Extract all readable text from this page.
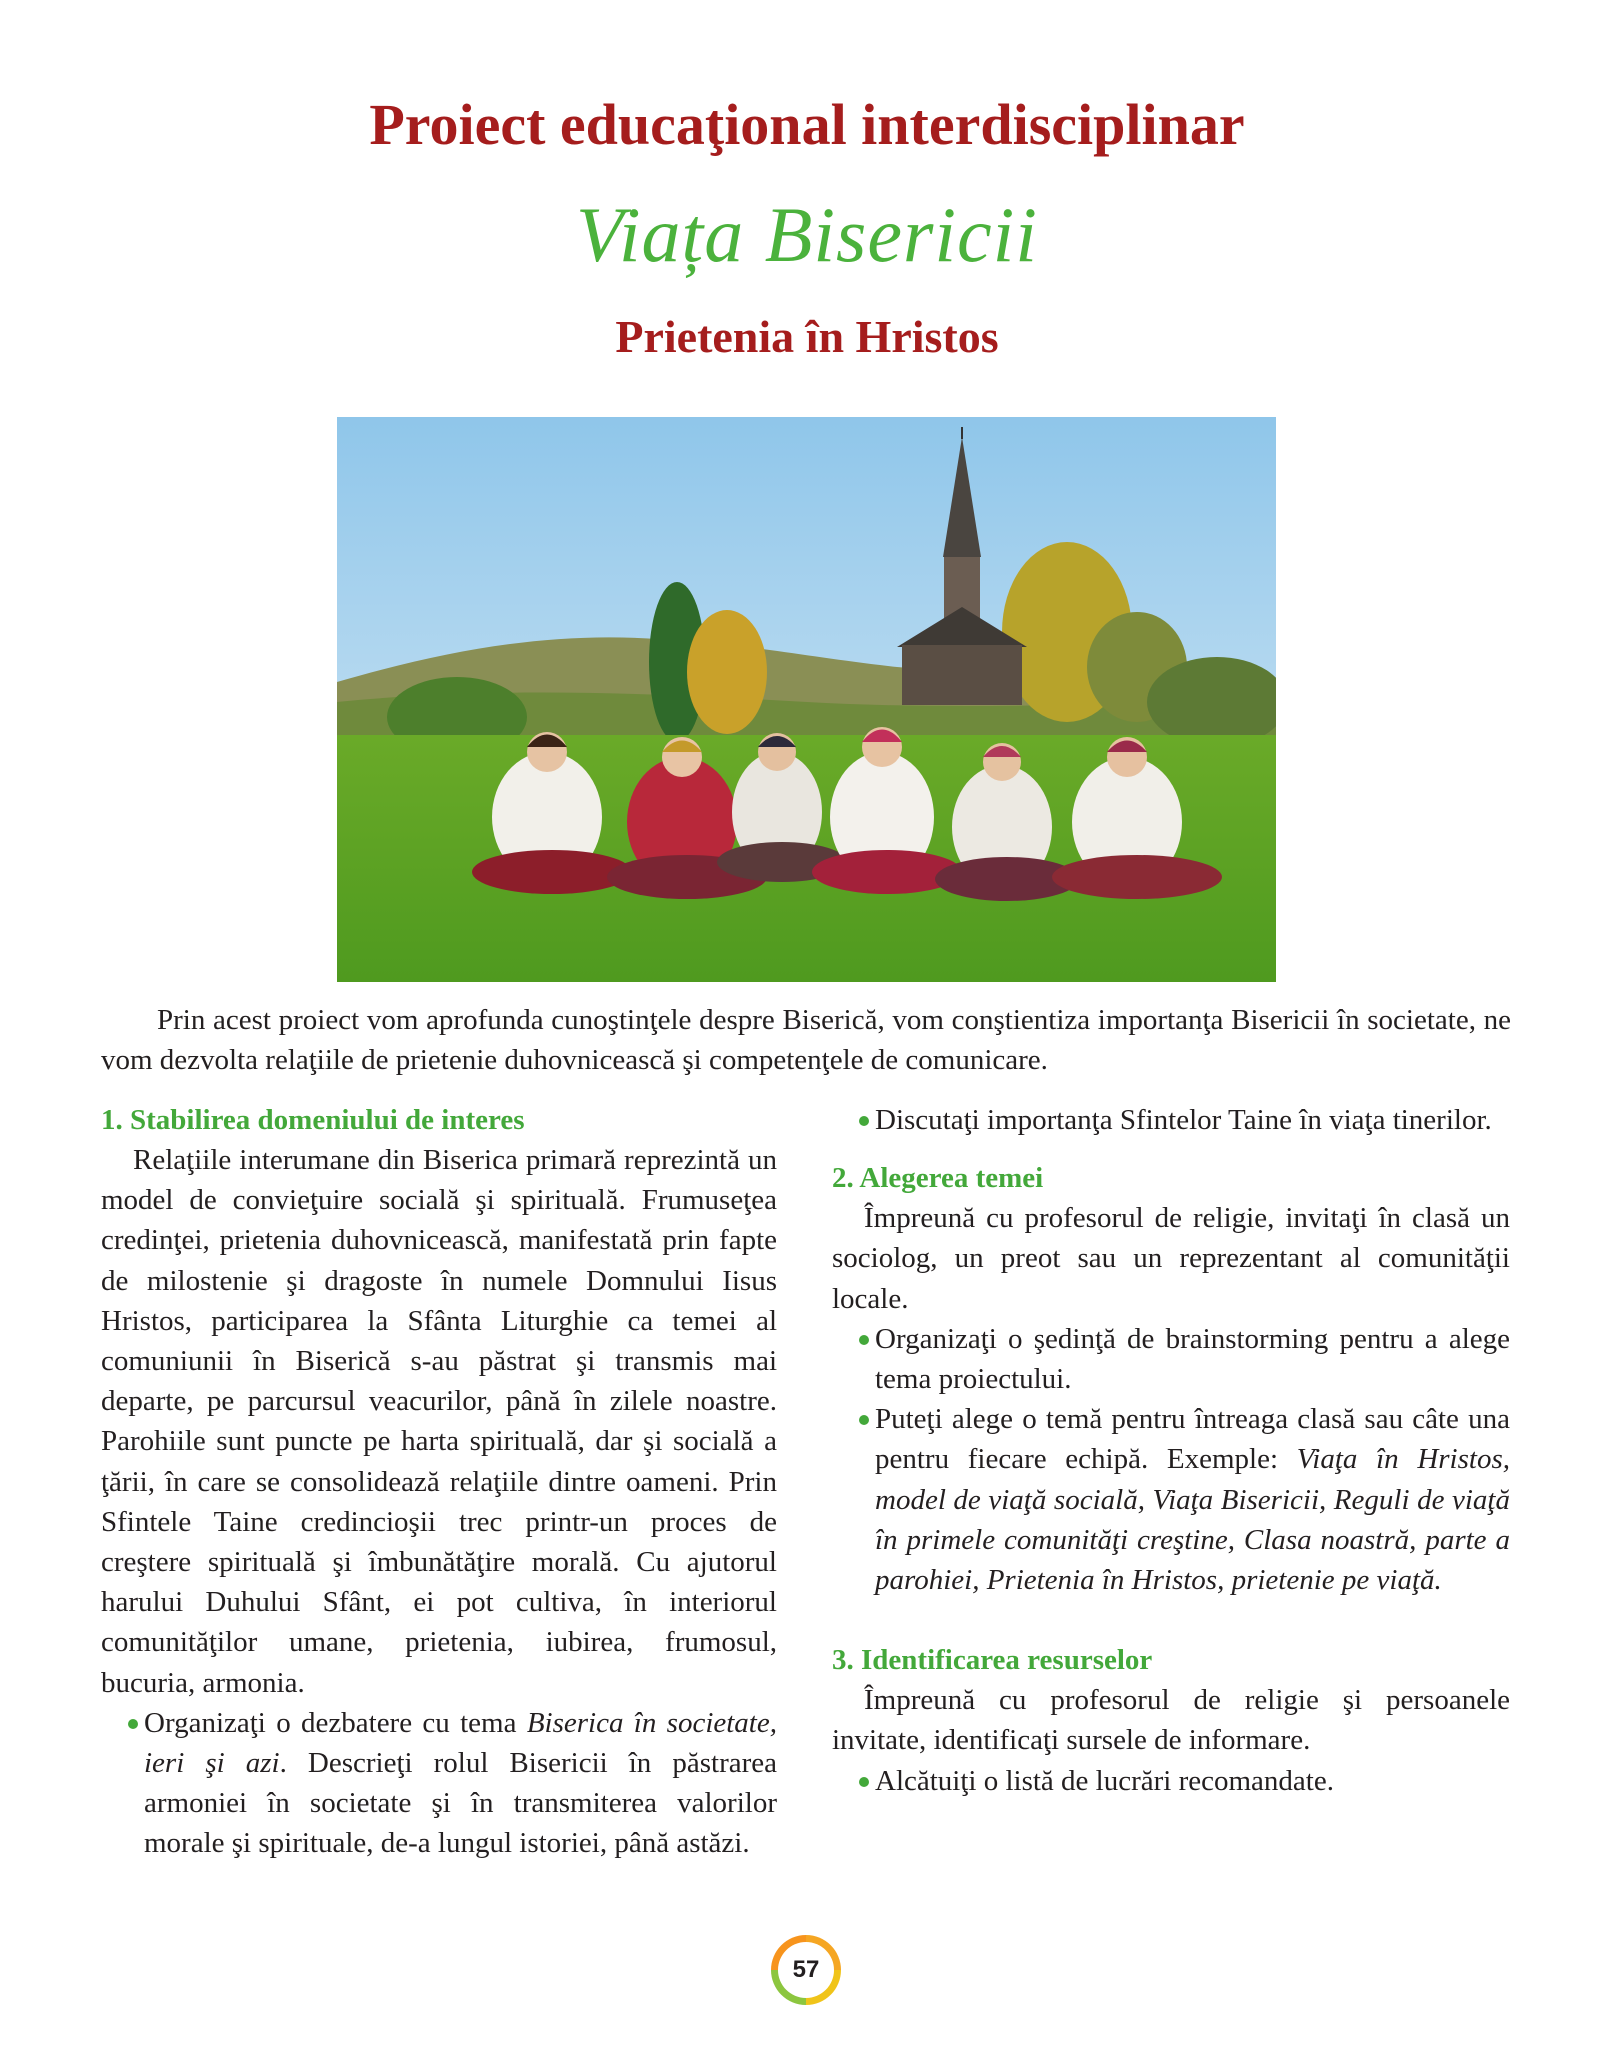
Proiect educaţional interdisciplinar
Viața Bisericii
Prietenia în Hristos

Prin acest proiect vom aprofunda cunoştinţele despre Biserică, vom conştientiza importanţa Bisericii în societate, ne vom dezvolta relaţiile de prietenie duhovnicească şi competenţele de comunicare.

1. Stabilirea domeniului de interes

Relaţiile interumane din Biserica primară reprezintă un model de convieţuire socială şi spirituală. Frumuseţea credinţei, prietenia duhovnicească, manifestată prin fapte de milostenie şi dragoste în numele Domnului Iisus Hristos, participarea la Sfânta Liturghie ca temei al comuniunii în Biserică s-au păstrat şi transmis mai departe, pe parcursul veacurilor, până în zilele noastre. Parohiile sunt puncte pe harta spirituală, dar şi socială a ţării, în care se consolidează relaţiile dintre oameni. Prin Sfintele Taine credincioşii trec printr-un proces de creştere spirituală şi îmbunătăţire morală. Cu ajutorul harului Duhului Sfânt, ei pot cultiva, în interiorul comunităţilor umane, prietenia, iubirea, frumosul, bucuria, armonia.

Organizaţi o dezbatere cu tema Biserica în societate, ieri şi azi. Descrieţi rolul Bisericii în păstrarea armoniei în societate şi în transmiterea valorilor morale şi spirituale, de-a lungul istoriei, până astăzi.

Discutaţi importanţa Sfintelor Taine în viaţa tinerilor.

2. Alegerea temei

Împreună cu profesorul de religie, invitaţi în clasă un sociolog, un preot sau un reprezentant al comunităţii locale.

Organizaţi o şedinţă de brainstorming pentru a alege tema proiectului.

Puteţi alege o temă pentru întreaga clasă sau câte una pentru fiecare echipă. Exemple: Viaţa în Hristos, model de viaţă socială, Viaţa Bisericii, Reguli de viaţă în primele comunităţi creştine, Clasa noastră, parte a parohiei, Prietenia în Hristos, prietenie pe viaţă.

3. Identificarea resurselor

Împreună cu profesorul de religie şi persoanele invitate, identificaţi sursele de informare.

Alcătuiţi o listă de lucrări recomandate.

57
